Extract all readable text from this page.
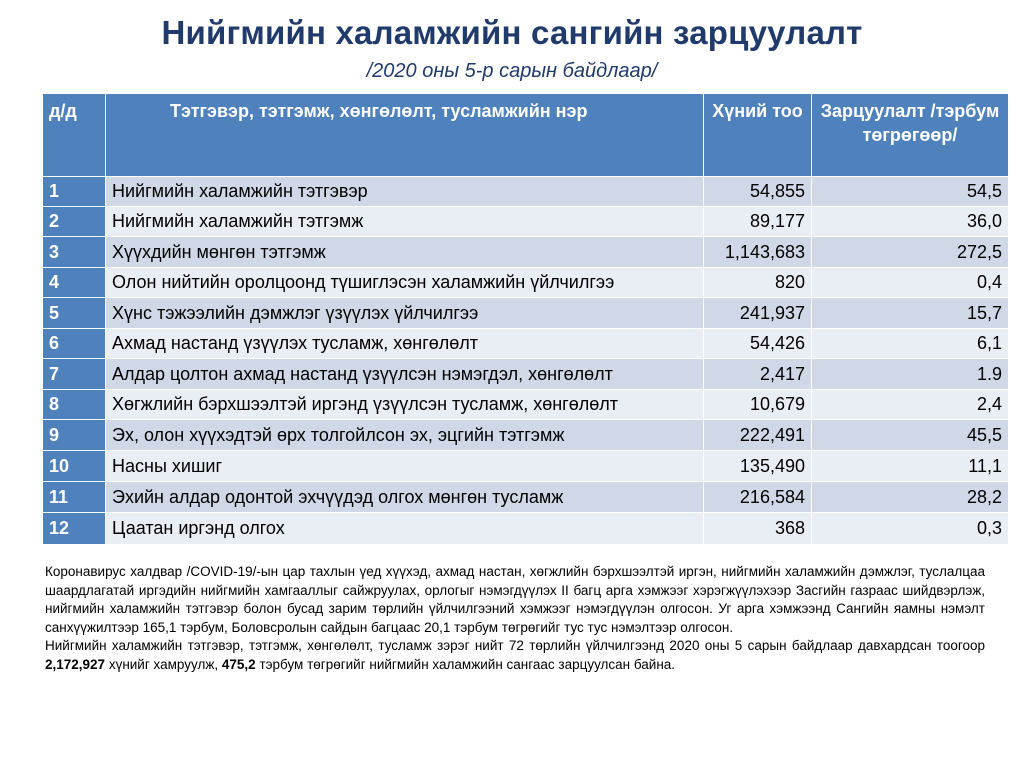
Нийгмийн халамжийн сангийн зарцуулалт
/2020 оны 5-р сарын байдлаар/
д/д	Тэтгэвэр, тэтгэмж, хөнгөлөлт, тусламжийн нэр	Хүний тоо	Зарцуулалт /тэрбум төгрөгөөр/
1	Нийгмийн халамжийн тэтгэвэр	54,855	54,5
2	Нийгмийн халамжийн тэтгэмж	89,177	36,0
3	Хүүхдийн мөнгөн тэтгэмж	1,143,683	272,5
4	Олон нийтийн оролцоонд түшиглэсэн халамжийн үйлчилгээ	820	0,4
5	Хүнс тэжээлийн дэмжлэг үзүүлэх үйлчилгээ	241,937	15,7
6	Ахмад настанд үзүүлэх тусламж, хөнгөлөлт	54,426	6,1
7	Алдар цолтон ахмад настанд үзүүлсэн нэмэгдэл, хөнгөлөлт	2,417	1.9
8	Хөгжлийн бэрхшээлтэй иргэнд үзүүлсэн тусламж, хөнгөлөлт	10,679	2,4
9	Эх, олон хүүхэдтэй өрх толгойлсон эх, эцгийн тэтгэмж	222,491	45,5
10	Насны хишиг	135,490	11,1
11	Эхийн алдар одонтой эхчүүдэд олгох мөнгөн тусламж	216,584	28,2
12	Цаатан иргэнд олгох	368	0,3

Коронавирус халдвар /COVID-19/-ын цар тахлын үед хүүхэд, ахмад настан, хөгжлийн бэрхшээлтэй иргэн, нийгмийн халамжийн дэмжлэг, туслалцаа шаардлагатай иргэдийн нийгмийн хамгааллыг сайжруулах, орлогыг нэмэгдүүлэх II багц арга хэмжээг хэрэгжүүлэхээр Засгийн газраас шийдвэрлэж, нийгмийн халамжийн тэтгэвэр болон бусад зарим төрлийн үйлчилгээний хэмжээг нэмэгдүүлэн олгосон. Уг арга хэмжээнд Сангийн яамны нэмэлт санхүүжилтээр 165,1 тэрбум, Боловсролын сайдын багцаас 20,1 тэрбум төгрөгийг тус тус нэмэлтээр олгосон.

Нийгмийн халамжийн тэтгэвэр, тэтгэмж, хөнгөлөлт, тусламж зэрэг нийт 72 төрлийн үйлчилгээнд 2020 оны 5 сарын байдлаар давхардсан тоогоор 2,172,927 хүнийг хамруулж, 475,2 тэрбум төгрөгийг нийгмийн халамжийн сангаас зарцуулсан байна.
